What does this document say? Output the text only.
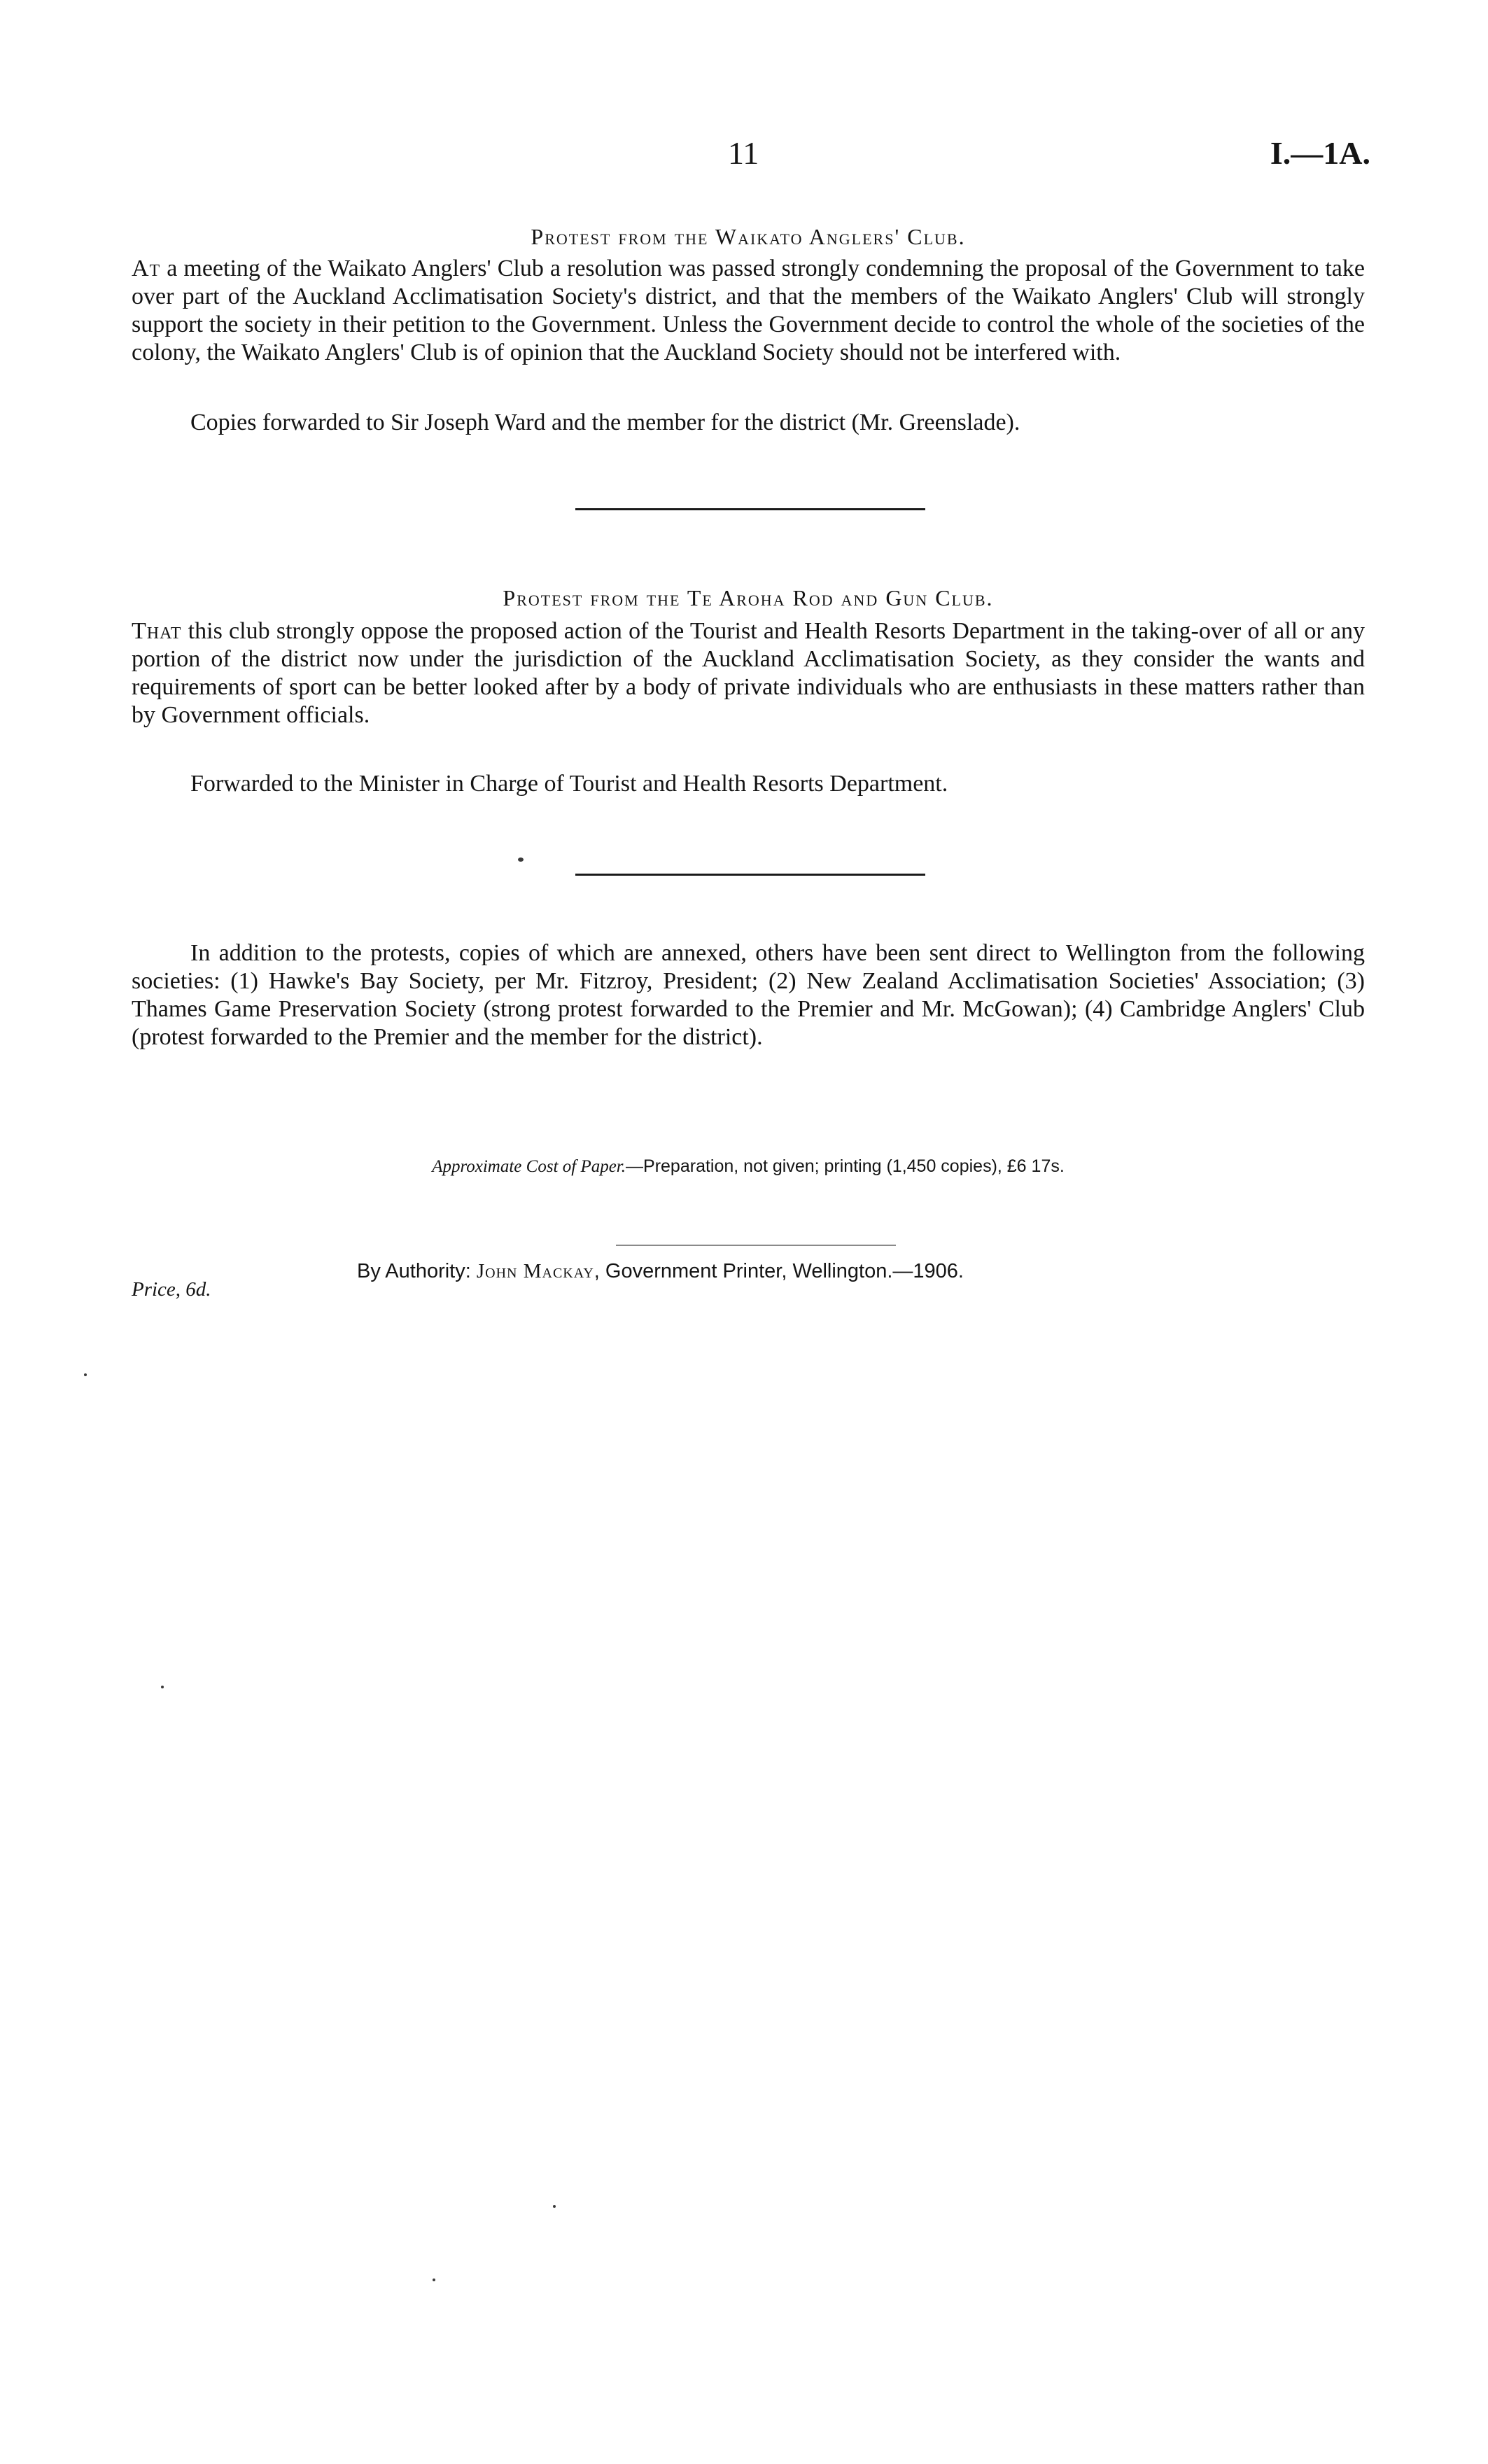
11	I.—1A.
Protest from the Waikato Anglers' Club.

At a meeting of the Waikato Anglers' Club a resolution was passed strongly condemning the proposal of the Government to take over part of the Auckland Acclimatisation Society's district, and that the members of the Waikato Anglers' Club will strongly support the society in their petition to the Government. Unless the Government decide to control the whole of the societies of the colony, the Waikato Anglers' Club is of opinion that the Auckland Society should not be interfered with.

Copies forwarded to Sir Joseph Ward and the member for the district (Mr. Greenslade).

Protest from the Te Aroha Rod and Gun Club.

That this club strongly oppose the proposed action of the Tourist and Health Resorts Department in the taking-over of all or any portion of the district now under the jurisdiction of the Auckland Acclimatisation Society, as they consider the wants and requirements of sport can be better looked after by a body of private individuals who are enthusiasts in these matters rather than by Government officials.

Forwarded to the Minister in Charge of Tourist and Health Resorts Department.

In addition to the protests, copies of which are annexed, others have been sent direct to Wellington from the following societies: (1) Hawke's Bay Society, per Mr. Fitzroy, President; (2) New Zealand Acclimatisation Societies' Association; (3) Thames Game Preservation Society (strong protest forwarded to the Premier and Mr. McGowan); (4) Cambridge Anglers' Club (protest forwarded to the Premier and the member for the district).

Approximate Cost of Paper.—Preparation, not given; printing (1,450 copies), £6 17s.
Price, 6d.
By Authority: John Mackay, Government Printer, Wellington.—1906.
